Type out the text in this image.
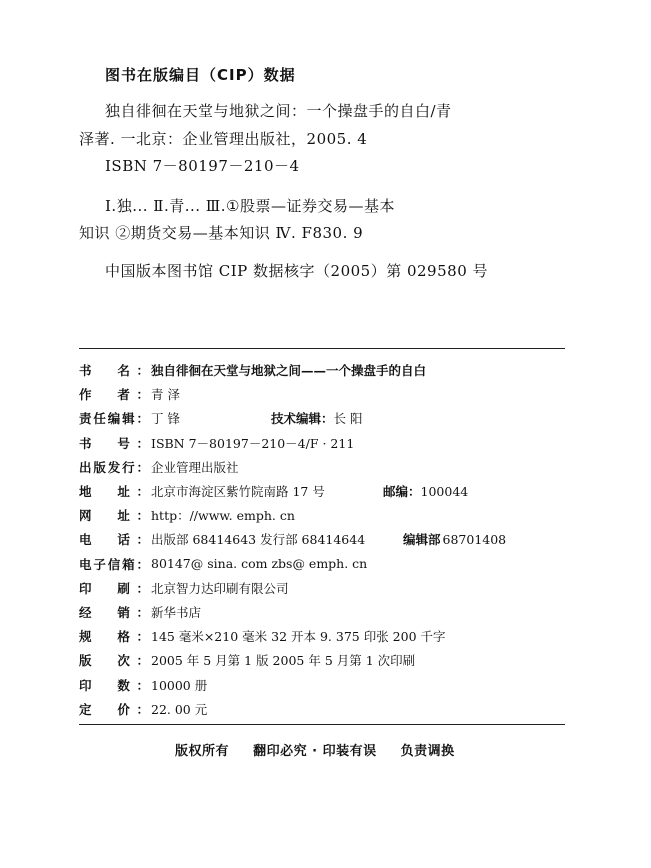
图书在版编目（CIP）数据
独自徘徊在天堂与地狱之间：一个操盘手的自白/青
泽著. 一北京：企业管理出版社，2005. 4
ISBN 7－80197－210－4
Ⅰ.独... Ⅱ.青... Ⅲ.①股票—证券交易—基本
知识 ②期货交易—基本知识 Ⅳ. F830. 9
中国版本图书馆 CIP 数据核字（2005）第 029580 号
书　名： 独自徘徊在天堂与地狱之间——一个操盘手的自白
作　者： 青 泽
责任编辑： 丁 锋	技术编辑： 长 阳
书　号： ISBN 7－80197－210－4/F · 211
出版发行： 企业管理出版社
地　址： 北京市海淀区紫竹院南路 17 号	邮编： 100044
网　址： http：//www. emph. cn
电　话： 出版部 68414643 发行部 68414644	编辑部 68701408
电子信箱： 80147@ sina. com zbs@ emph. cn
印　刷： 北京智力达印刷有限公司
经　销： 新华书店
规　格： 145 毫米×210 毫米 32 开本 9. 375 印张 200 千字
版　次： 2005 年 5 月第 1 版 2005 年 5 月第 1 次印刷
印　数： 10000 册
定　价： 22. 00 元
版权所有 翻印必究 · 印装有误 负责调换
